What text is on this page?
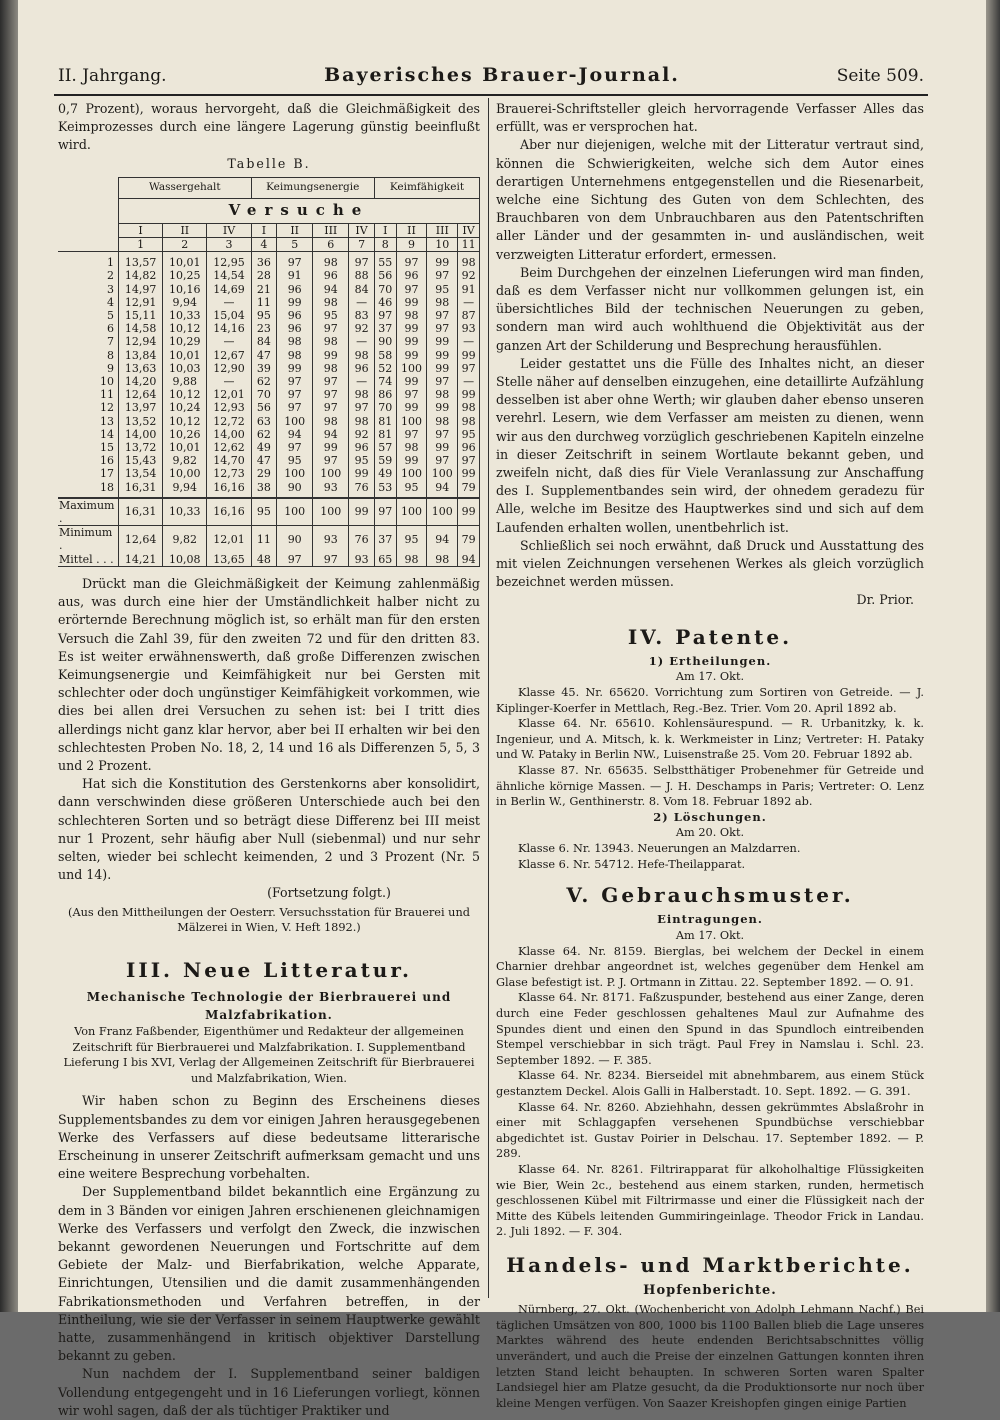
II. Jahrgang.	Bayerisches Brauer-Journal.	Seite 509.

0,7 Prozent), woraus hervorgeht, daß die Gleichmäßigkeit des Keimprozesses durch eine längere Lagerung günstig beeinflußt wird.

Tabelle B.

	Wassergehalt			Keimungsenergie				Keimfähigkeit			
	Versuche										
	I	II	IV	I	II	III	IV	I	II	III	IV
	1	2	3	4	5	6	7	8	9	10	11
1	13,57	10,01	12,95	36	97	98	97	55	97	99	98
2	14,82	10,25	14,54	28	91	96	88	56	96	97	92
3	14,97	10,16	14,69	21	96	94	84	70	97	95	91
4	12,91	9,94	—	11	99	98	—	46	99	98	—
5	15,11	10,33	15,04	95	96	95	83	97	98	97	87
6	14,58	10,12	14,16	23	96	97	92	37	99	97	93
7	12,94	10,29	—	84	98	98	—	90	99	99	—
8	13,84	10,01	12,67	47	98	99	98	58	99	99	99
9	13,63	10,03	12,90	39	99	98	96	52	100	99	97
10	14,20	9,88	—	62	97	97	—	74	99	97	—
11	12,64	10,12	12,01	70	97	97	98	86	97	98	99
12	13,97	10,24	12,93	56	97	97	97	70	99	99	98
13	13,52	10,12	12,72	63	100	98	98	81	100	98	98
14	14,00	10,26	14,00	62	94	94	92	81	97	97	95
15	13,72	10,01	12,62	49	97	99	96	57	98	99	96
16	15,43	9,82	14,70	47	95	97	95	59	99	97	97
17	13,54	10,00	12,73	29	100	100	99	49	100	100	99
18	16,31	9,94	16,16	38	90	93	76	53	95	94	79
Maximum .	16,31	10,33	16,16	95	100	100	99	97	100	100	99
Minimum .	12,64	9,82	12,01	11	90	93	76	37	95	94	79
Mittel . . .	14,21	10,08	13,65	48	97	97	93	65	98	98	94

Drückt man die Gleichmäßigkeit der Keimung zahlenmäßig aus, was durch eine hier der Umständlichkeit halber nicht zu erörternde Berechnung möglich ist, so erhält man für den ersten Versuch die Zahl 39, für den zweiten 72 und für den dritten 83. Es ist weiter erwähnenswerth, daß große Differenzen zwischen Keimungsenergie und Keimfähigkeit nur bei Gersten mit schlechter oder doch ungünstiger Keimfähigkeit vorkommen, wie dies bei allen drei Versuchen zu sehen ist: bei I tritt dies allerdings nicht ganz klar hervor, aber bei II erhalten wir bei den schlechtesten Proben No. 18, 2, 14 und 16 als Differenzen 5, 5, 3 und 2 Prozent.

Hat sich die Konstitution des Gerstenkorns aber konsolidirt, dann verschwinden diese größeren Unterschiede auch bei den schlechteren Sorten und so beträgt diese Differenz bei III meist nur 1 Prozent, sehr häufig aber Null (siebenmal) und nur sehr selten, wieder bei schlecht keimenden, 2 und 3 Prozent (Nr. 5 und 14).

(Fortsetzung folgt.)

(Aus den Mittheilungen der Oesterr. Versuchsstation für Brauerei und Mälzerei in Wien, V. Heft 1892.)

III. Neue Litteratur.

Mechanische Technologie der Bierbrauerei und Malzfabrikation.

Von Franz Faßbender, Eigenthümer und Redakteur der allgemeinen Zeitschrift für Bierbrauerei und Malzfabrikation. I. Supplementband Lieferung I bis XVI, Verlag der Allgemeinen Zeitschrift für Bierbrauerei und Malzfabrikation, Wien.

Wir haben schon zu Beginn des Erscheinens dieses Supplementsbandes zu dem vor einigen Jahren herausgegebenen Werke des Verfassers auf diese bedeutsame litterarische Erscheinung in unserer Zeitschrift aufmerksam gemacht und uns eine weitere Besprechung vorbehalten.

Der Supplementband bildet bekanntlich eine Ergänzung zu dem in 3 Bänden vor einigen Jahren erschienenen gleichnamigen Werke des Verfassers und verfolgt den Zweck, die inzwischen bekannt gewordenen Neuerungen und Fortschritte auf dem Gebiete der Malz- und Bierfabrikation, welche Apparate, Einrichtungen, Utensilien und die damit zusammenhängenden Fabrikationsmethoden und Verfahren betreffen, in der Eintheilung, wie sie der Verfasser in seinem Hauptwerke gewählt hatte, zusammenhängend in kritisch objektiver Darstellung bekannt zu geben.

Nun nachdem der I. Supplementband seiner baldigen Vollendung entgegengeht und in 16 Lieferungen vorliegt, können wir wohl sagen, daß der als tüchtiger Praktiker und

Brauerei-Schriftsteller gleich hervorragende Verfasser Alles das erfüllt, was er versprochen hat.

Aber nur diejenigen, welche mit der Litteratur vertraut sind, können die Schwierigkeiten, welche sich dem Autor eines derartigen Unternehmens entgegenstellen und die Riesenarbeit, welche eine Sichtung des Guten von dem Schlechten, des Brauchbaren von dem Unbrauchbaren aus den Patentschriften aller Länder und der gesammten in- und ausländischen, weit verzweigten Litteratur erfordert, ermessen.

Beim Durchgehen der einzelnen Lieferungen wird man finden, daß es dem Verfasser nicht nur vollkommen gelungen ist, ein übersichtliches Bild der technischen Neuerungen zu geben, sondern man wird auch wohlthuend die Objektivität aus der ganzen Art der Schilderung und Besprechung herausfühlen.

Leider gestattet uns die Fülle des Inhaltes nicht, an dieser Stelle näher auf denselben einzugehen, eine detaillirte Aufzählung desselben ist aber ohne Werth; wir glauben daher ebenso unseren verehrl. Lesern, wie dem Verfasser am meisten zu dienen, wenn wir aus den durchweg vorzüglich geschriebenen Kapiteln einzelne in dieser Zeitschrift in seinem Wortlaute bekannt geben, und zweifeln nicht, daß dies für Viele Veranlassung zur Anschaffung des I. Supplementbandes sein wird, der ohnedem geradezu für Alle, welche im Besitze des Hauptwerkes sind und sich auf dem Laufenden erhalten wollen, unentbehrlich ist.

Schließlich sei noch erwähnt, daß Druck und Ausstattung des mit vielen Zeichnungen versehenen Werkes als gleich vorzüglich bezeichnet werden müssen.

Dr. Prior.

IV. Patente.

1) Ertheilungen.

Am 17. Okt.

Klasse 45. Nr. 65620. Vorrichtung zum Sortiren von Getreide. — J. Kiplinger-Koerfer in Mettlach, Reg.-Bez. Trier. Vom 20. April 1892 ab.

Klasse 64. Nr. 65610. Kohlensäurespund. — R. Urbanitzky, k. k. Ingenieur, und A. Mitsch, k. k. Werkmeister in Linz; Vertreter: H. Pataky und W. Pataky in Berlin NW., Luisenstraße 25. Vom 20. Februar 1892 ab.

Klasse 87. Nr. 65635. Selbstthätiger Probenehmer für Getreide und ähnliche körnige Massen. — J. H. Deschamps in Paris; Vertreter: O. Lenz in Berlin W., Genthinerstr. 8. Vom 18. Februar 1892 ab.

2) Löschungen.

Am 20. Okt.

Klasse 6. Nr. 13943. Neuerungen an Malzdarren.

Klasse 6. Nr. 54712. Hefe-Theilapparat.

V. Gebrauchsmuster.

Eintragungen.

Am 17. Okt.

Klasse 64. Nr. 8159. Bierglas, bei welchem der Deckel in einem Charnier drehbar angeordnet ist, welches gegenüber dem Henkel am Glase befestigt ist. P. J. Ortmann in Zittau. 22. September 1892. — O. 91.

Klasse 64. Nr. 8171. Faßzuspunder, bestehend aus einer Zange, deren durch eine Feder geschlossen gehaltenes Maul zur Aufnahme des Spundes dient und einen den Spund in das Spundloch eintreibenden Stempel verschiebbar in sich trägt. Paul Frey in Namslau i. Schl. 23. September 1892. — F. 385.

Klasse 64. Nr. 8234. Bierseidel mit abnehmbarem, aus einem Stück gestanztem Deckel. Alois Galli in Halberstadt. 10. Sept. 1892. — G. 391.

Klasse 64. Nr. 8260. Abziehhahn, dessen gekrümmtes Abslaßrohr in einer mit Schlaggapfen versehenen Spundbüchse verschiebbar abgedichtet ist. Gustav Poirier in Delschau. 17. September 1892. — P. 289.

Klasse 64. Nr. 8261. Filtrirapparat für alkoholhaltige Flüssigkeiten wie Bier, Wein 2c., bestehend aus einem starken, runden, hermetisch geschlossenen Kübel mit Filtrirmasse und einer die Flüssigkeit nach der Mitte des Kübels leitenden Gummiringeinlage. Theodor Frick in Landau. 2. Juli 1892. — F. 304.

Handels- und Marktberichte.

Hopfenberichte.

Nürnberg, 27. Okt. (Wochenbericht von Adolph Lehmann Nachf.) Bei täglichen Umsätzen von 800, 1000 bis 1100 Ballen blieb die Lage unseres Marktes während des heute endenden Berichtsabschnittes völlig unverändert, und auch die Preise der einzelnen Gattungen konnten ihren letzten Stand leicht behaupten. In schweren Sorten waren Spalter Landsiegel hier am Platze gesucht, da die Produktionsorte nur noch über kleine Mengen verfügen. Von Saazer Kreishopfen gingen einige Partien
